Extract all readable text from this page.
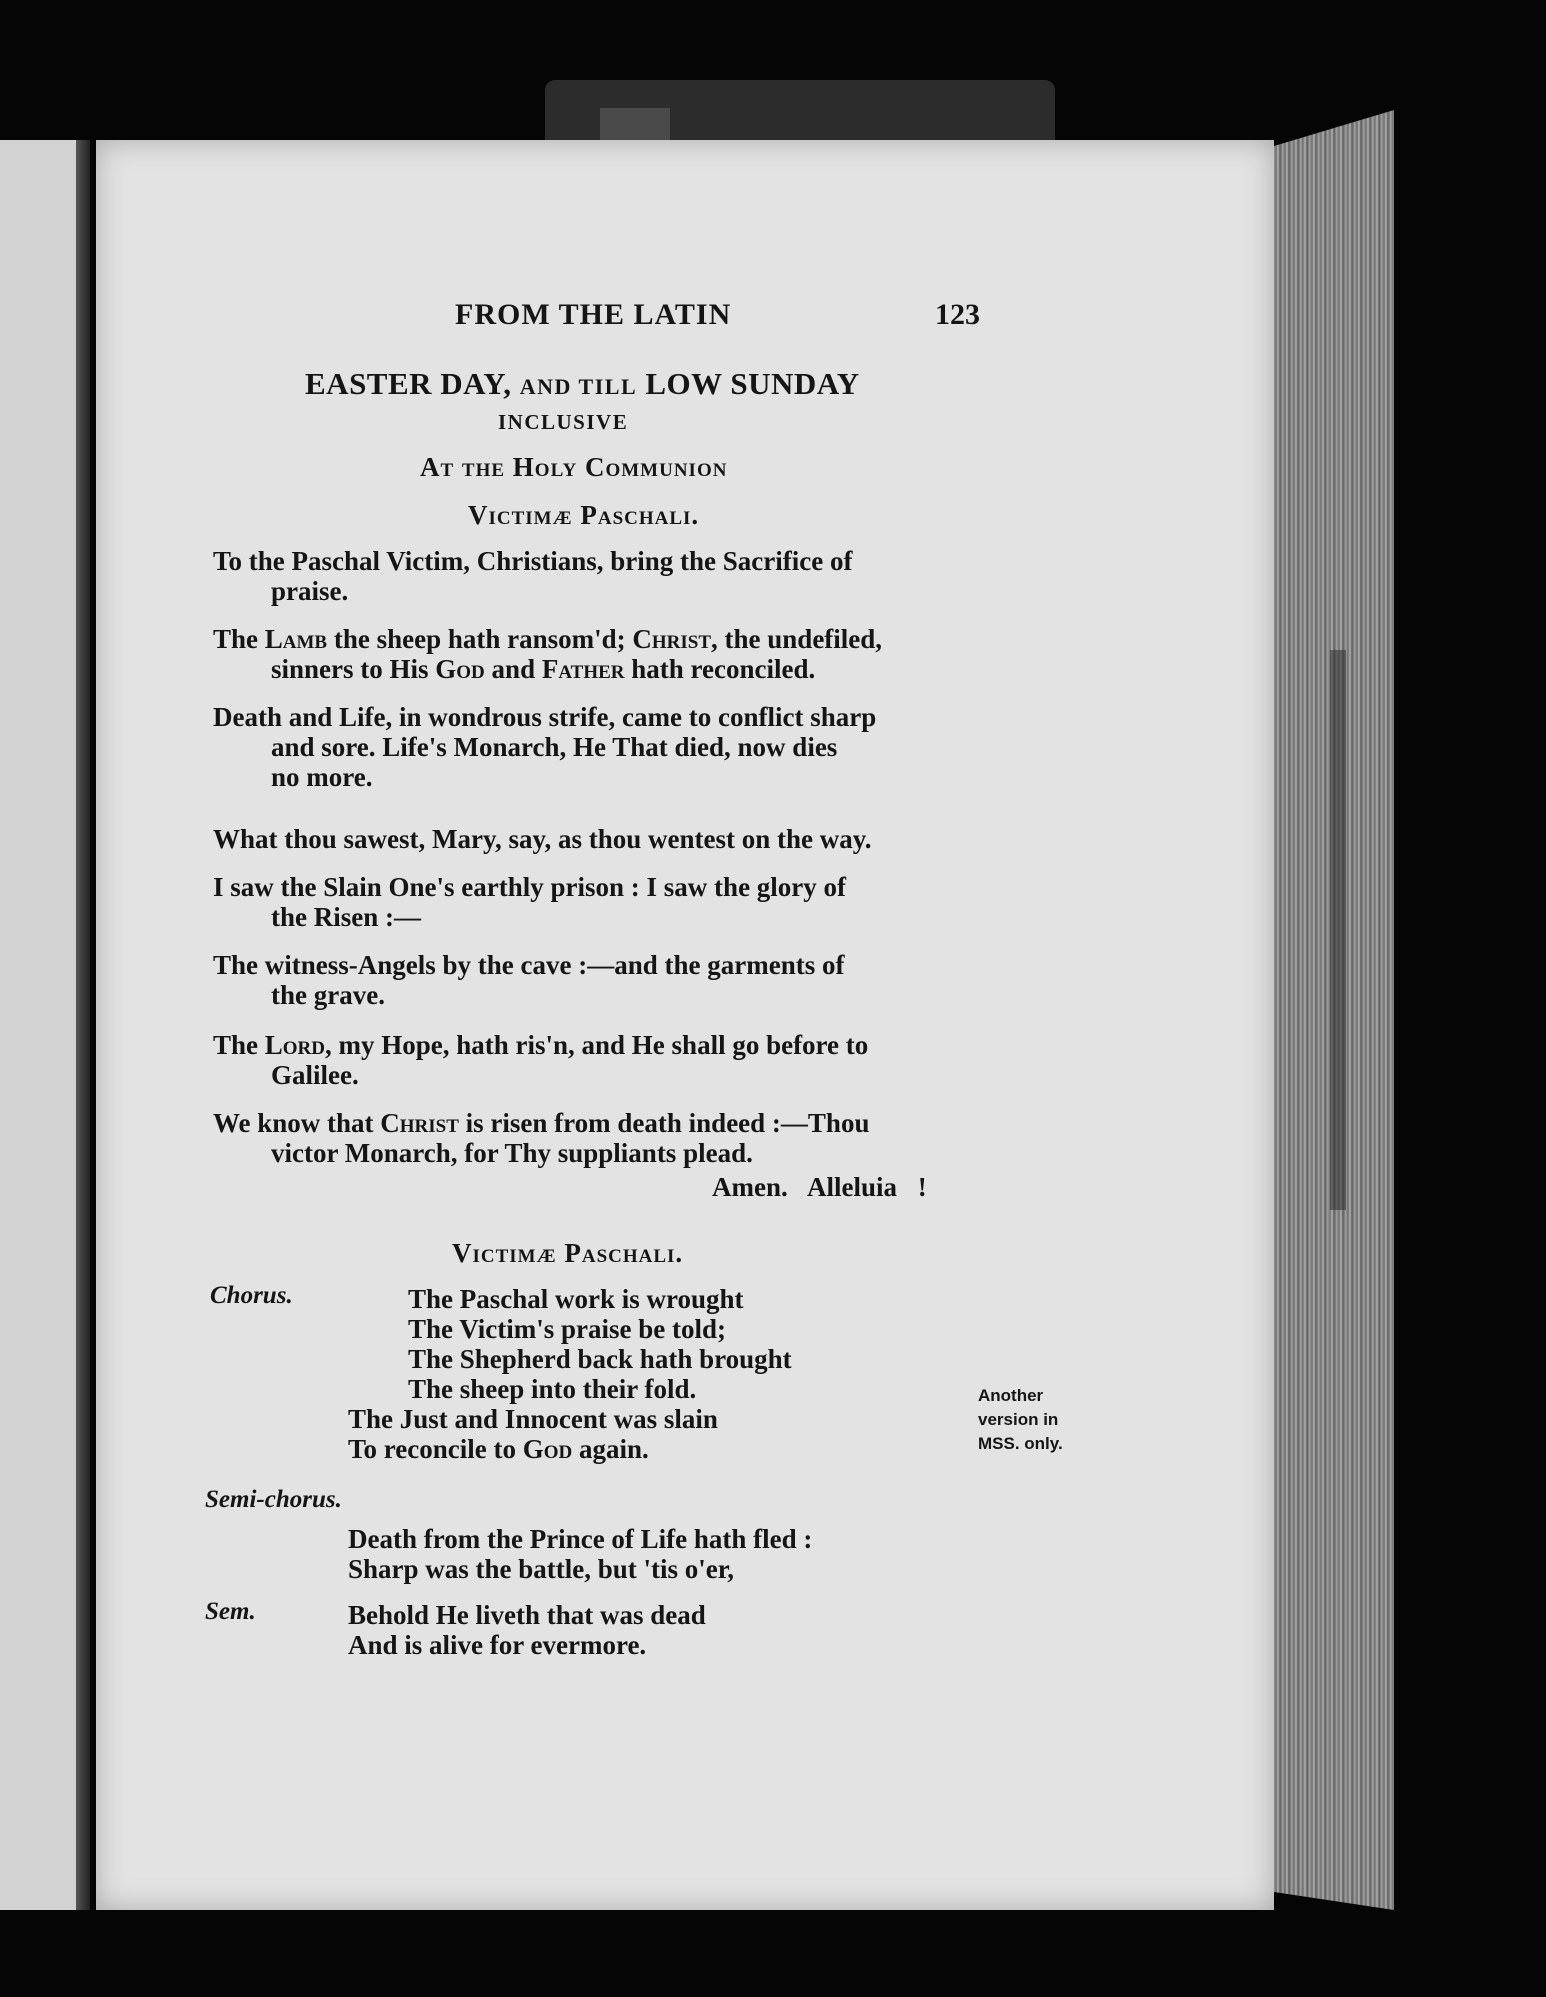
FROM THE LATIN	123
EASTER DAY, AND TILL LOW SUNDAY
INCLUSIVE
At the Holy Communion
Victimæ Paschali.
To the Paschal Victim, Christians, bring the Sacrifice of
praise.
The Lamb the sheep hath ransom'd; Christ, the undefiled,
sinners to His God and Father hath reconciled.
Death and Life, in wondrous strife, came to conflict sharp
and sore. Life's Monarch, He That died, now dies
no more.
What thou sawest, Mary, say, as thou wentest on the way.
I saw the Slain One's earthly prison : I saw the glory of
the Risen :—
The witness-Angels by the cave :—and the garments of
the grave.
The Lord, my Hope, hath ris'n, and He shall go before to
Galilee.
We know that Christ is risen from death indeed :—Thou
victor Monarch, for Thy suppliants plead.
Amen. Alleluia !
Victimæ Paschali.
Chorus.	The Paschal work is wrought
The Victim's praise be told;
The Shepherd back hath brought
The sheep into their fold.
The Just and Innocent was slain
To reconcile to God again.
Another
version in
MSS. only.
Semi-chorus.
Death from the Prince of Life hath fled :
Sharp was the battle, but 'tis o'er,
Sem.	Behold He liveth that was dead
And is alive for evermore.
